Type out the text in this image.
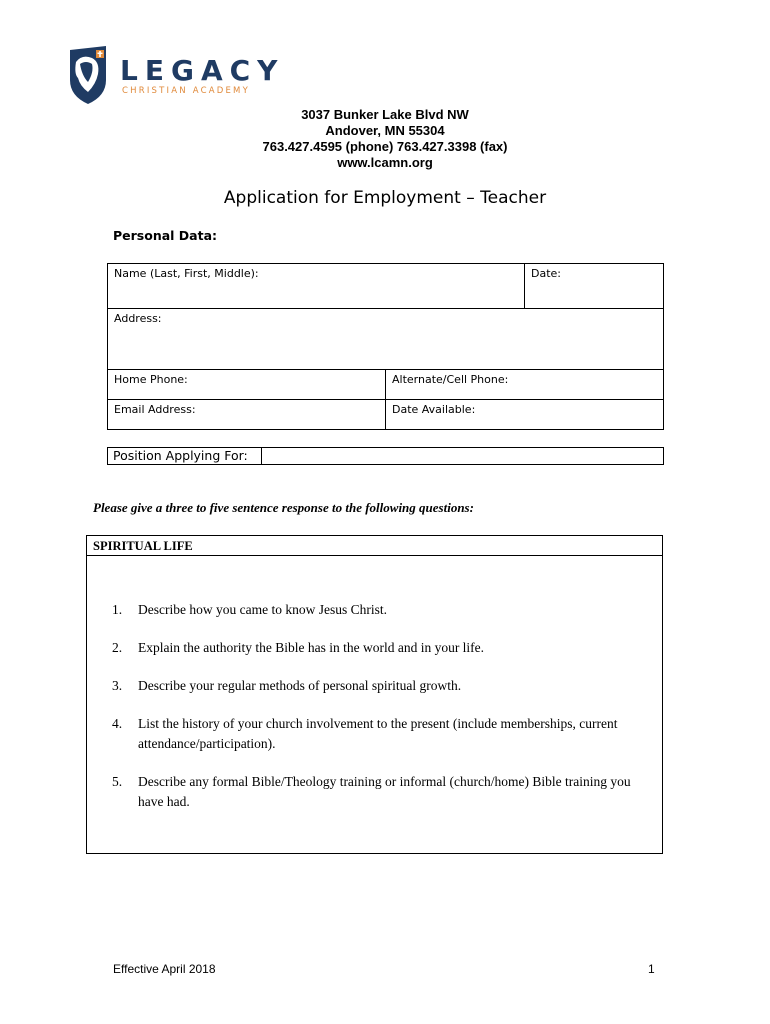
LEGACY
CHRISTIAN ACADEMY
3037 Bunker Lake Blvd NW
Andover, MN 55304
763.427.4595 (phone) 763.427.3398 (fax)
www.lcamn.org
Application for Employment – Teacher
Personal Data:
Name (Last, First, Middle):	Date:
Address:
Home Phone:	Alternate/Cell Phone:
Email Address:	Date Available:
Position Applying For:
Please give a three to five sentence response to the following questions:
SPIRITUAL LIFE
1.	Describe how you came to know Jesus Christ.
2.	Explain the authority the Bible has in the world and in your life.
3.	Describe your regular methods of personal spiritual growth.
4.	List the history of your church involvement to the present (include memberships, current attendance/participation).
5.	Describe any formal Bible/Theology training or informal (church/home) Bible training you have had.
Effective April 2018	1
